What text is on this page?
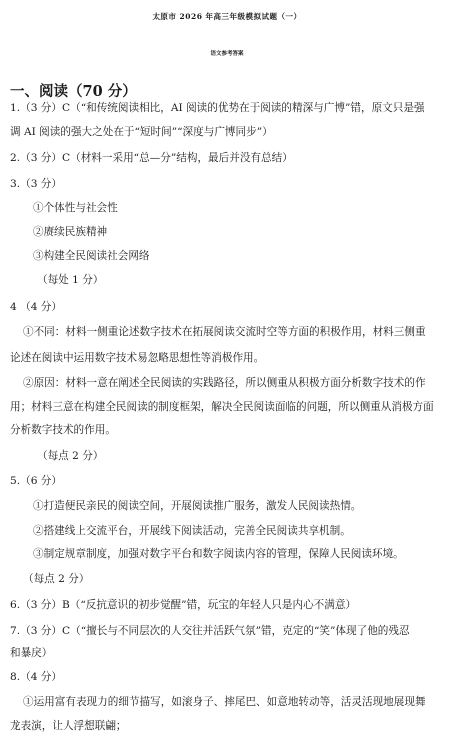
太原市 2026 年高三年级模拟试题（一）
语文参考答案
一、阅读（70 分）
1.（3 分）C（“和传统阅读相比，AI 阅读的优势在于阅读的精深与广博”错，原文只是强
调 AI 阅读的强大之处在于“短时间”“深度与广博同步”）
2.（3 分）C（材料一采用“总—分”结构，最后并没有总结）
3.（3 分）
①个体性与社会性
②赓续民族精神
③构建全民阅读社会网络
（每处 1 分）
4 （4 分）
①不同：材料一侧重论述数字技术在拓展阅读交流时空等方面的积极作用，材料三侧重
论述在阅读中运用数字技术易忽略思想性等消极作用。
②原因：材料一意在阐述全民阅读的实践路径，所以侧重从积极方面分析数字技术的作
用；材料三意在构建全民阅读的制度框架，解决全民阅读面临的问题，所以侧重从消极方面
分析数字技术的作用。
（每点 2 分）
5.（6 分）
①打造便民亲民的阅读空间，开展阅读推广服务，激发人民阅读热情。
②搭建线上交流平台，开展线下阅读活动，完善全民阅读共享机制。
③制定规章制度，加强对数字平台和数字阅读内容的管理，保障人民阅读环境。
（每点 2 分）
6.（3 分）B（“反抗意识的初步觉醒”错，玩宝的年轻人只是内心不满意）
7.（3 分）C（“擅长与不同层次的人交往并活跃气氛”错，克定的“笑”体现了他的残忍
和暴戾）
8.（4 分）
①运用富有表现力的细节描写，如滚身子、摔尾巴、如意地转动等，活灵活现地展现舞
龙表演，让人浮想联翩；
